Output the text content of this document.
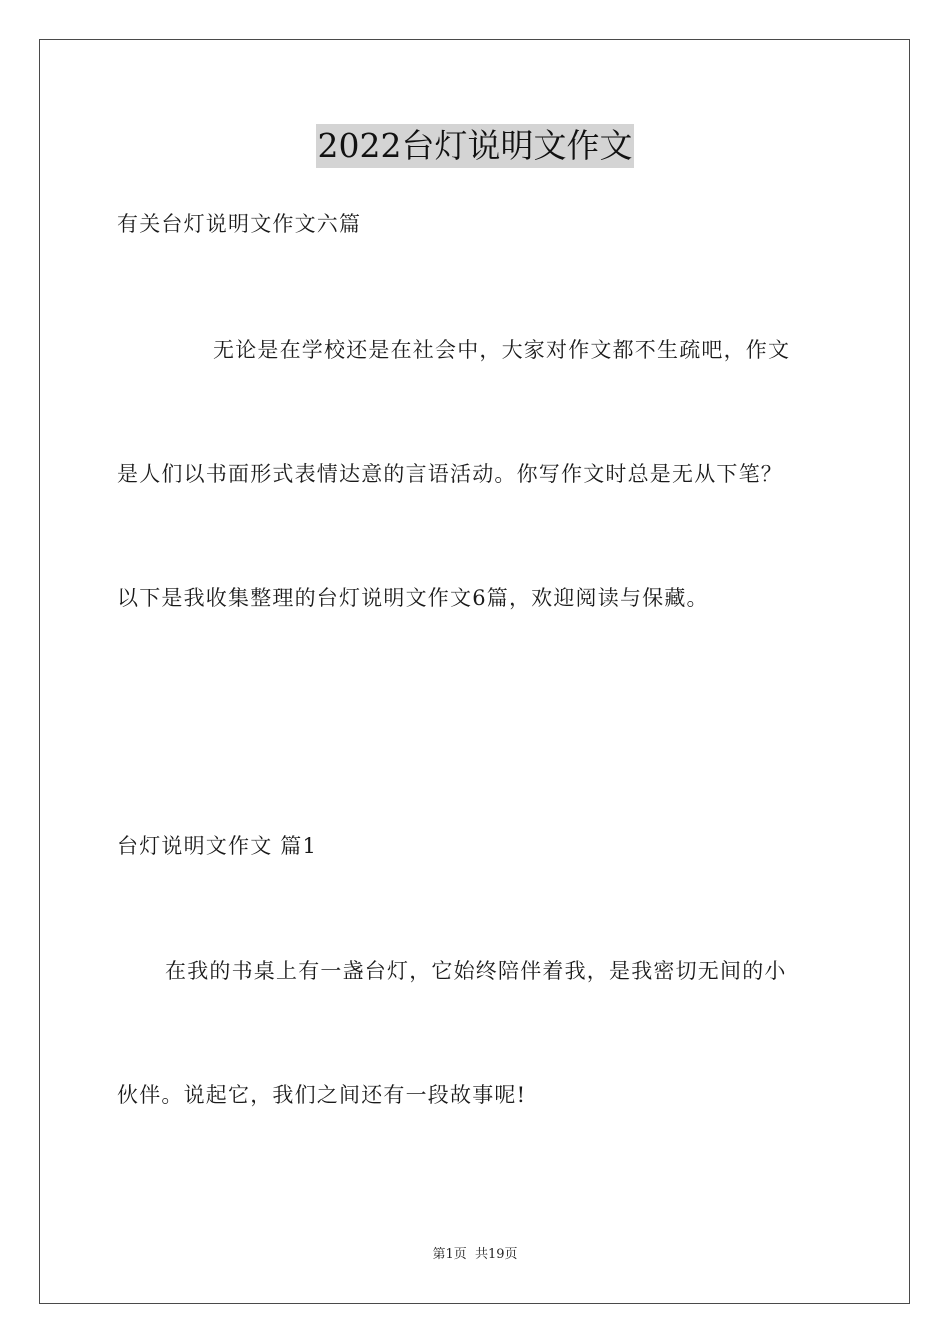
2022台灯说明文作文
有关台灯说明文作文六篇
无论是在学校还是在社会中，大家对作文都不生疏吧，作文
是人们以书面形式表情达意的言语活动。你写作文时总是无从下笔？
以下是我收集整理的台灯说明文作文6篇，欢迎阅读与保藏。
台灯说明文作文 篇1
在我的书桌上有一盏台灯，它始终陪伴着我，是我密切无间的小
伙伴。说起它，我们之间还有一段故事呢!
第1页 共19页
